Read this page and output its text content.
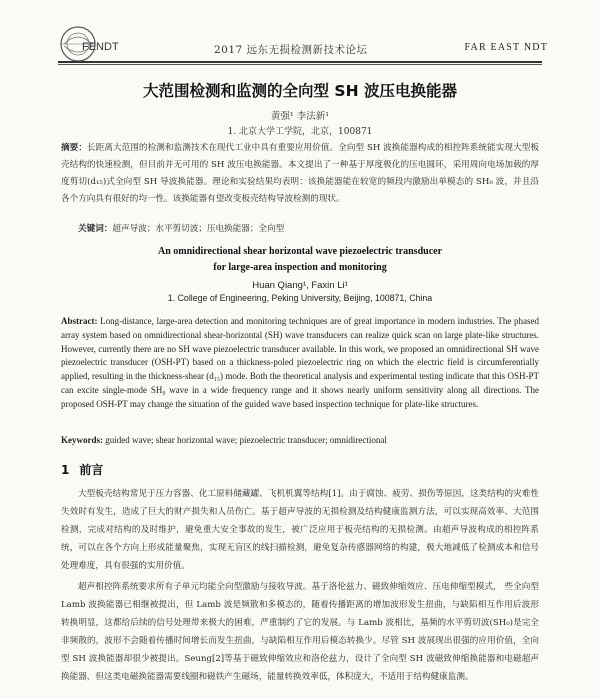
FENDT	2017 远东无损检测新技术论坛	FAR EAST NDT
大范围检测和监测的全向型 SH 波压电换能器
黄强¹ 李法新¹
1. 北京大学工学院，北京，100871
摘要：长距离大范围的检测和监测技术在现代工业中具有重要应用价值。全向型 SH 波换能器构成的相控阵系统能实现大型板壳结构的快速检测，但目前并无可用的 SH 波压电换能器。本文提出了一种基于厚度极化的压电圆环，采用周向电场加载的厚度剪切(d₁₅)式全向型 SH 导波换能器。理论和实验结果均表明：该换能器能在较宽的频段内激励出单模态的 SH₀ 波，并且沿各个方向具有很好的均一性。该换能器有望改变板壳结构导波检测的现状。
关键词：超声导波；水平剪切波；压电换能器；全向型
An omnidirectional shear horizontal wave piezoelectric transducer
for large-area inspection and monitoring
Huan Qiang¹, Faxin Li¹
1. College of Engineering, Peking University, Beijing, 100871, China
Abstract: Long-distance, large-area detection and monitoring techniques are of great importance in modern industries. The phased array system based on omnidirectional shear-horizontal (SH) wave transducers can realize quick scan on large plate-like structures. However, currently there are no SH wave piezoelectric transducer available. In this work, we proposed an omnidirectional SH wave piezoelectric transducer (OSH-PT) based on a thickness-poled piezoelectric ring on which the electric field is circumferentially applied, resulting in the thickness-shear (d₁₅) mode. Both the theoretical analysis and experimental testing indicate that this OSH-PT can excite single-mode SH₀ wave in a wide frequency range and it shows nearly uniform sensitivity along all directions. The proposed OSH-PT may change the situation of the guided wave based inspection technique for plate-like structures.
Keywords: guided wave; shear horizontal wave; piezoelectric transducer; omnidirectional
1 前言
大型板壳结构常见于压力容器、化工原料储藏罐、飞机机翼等结构[1]。由于腐蚀、疲劳、损伤等原因，这类结构的灾难性失效时有发生，造成了巨大的财产损失和人员伤亡。基于超声导波的无损检测及结构健康监测方法，可以实现高效率、大范围检测，完成对结构的及时维护，避免重大安全事故的发生，被广泛应用于板壳结构的无损检测。由超声导波构成的相控阵系统，可以在各个方向上形成能量聚焦，实现无盲区的线扫描检测，避免复杂传感器网络的构建，极大地减低了检测成本和信号处理难度，具有很强的实用价值。
超声相控阵系统要求所有子单元均能全向型激励与接收导波。基于洛伦兹力、磁致伸缩效应、压电伸缩型模式， 些全向型 Lamb 波换能器已相继被提出，但 Lamb 波是频散和多模态的，随着传播距离的增加波形发生扭曲，与缺陷相互作用后波形转换明显，这都给后续的信号处理带来极大的困难，严重制约了它的发展。与 Lamb 波相比，基频的水平剪切波(SH₀)是完全非频散的，波形不会随着传播时间增长而发生扭曲，与缺陷相互作用后模态转换少。尽管 SH 波展现出很强的应用价值，全向型 SH 波换能器却很少被提出。Seung[2]等基于磁致伸缩效应和洛伦兹力，设计了全向型 SH 波磁致伸缩换能器和电磁超声换能器，但这类电磁换能器需要线圈和磁铁产生磁场，能量转换效率低，体积庞大，不适用于结构健康监测。
